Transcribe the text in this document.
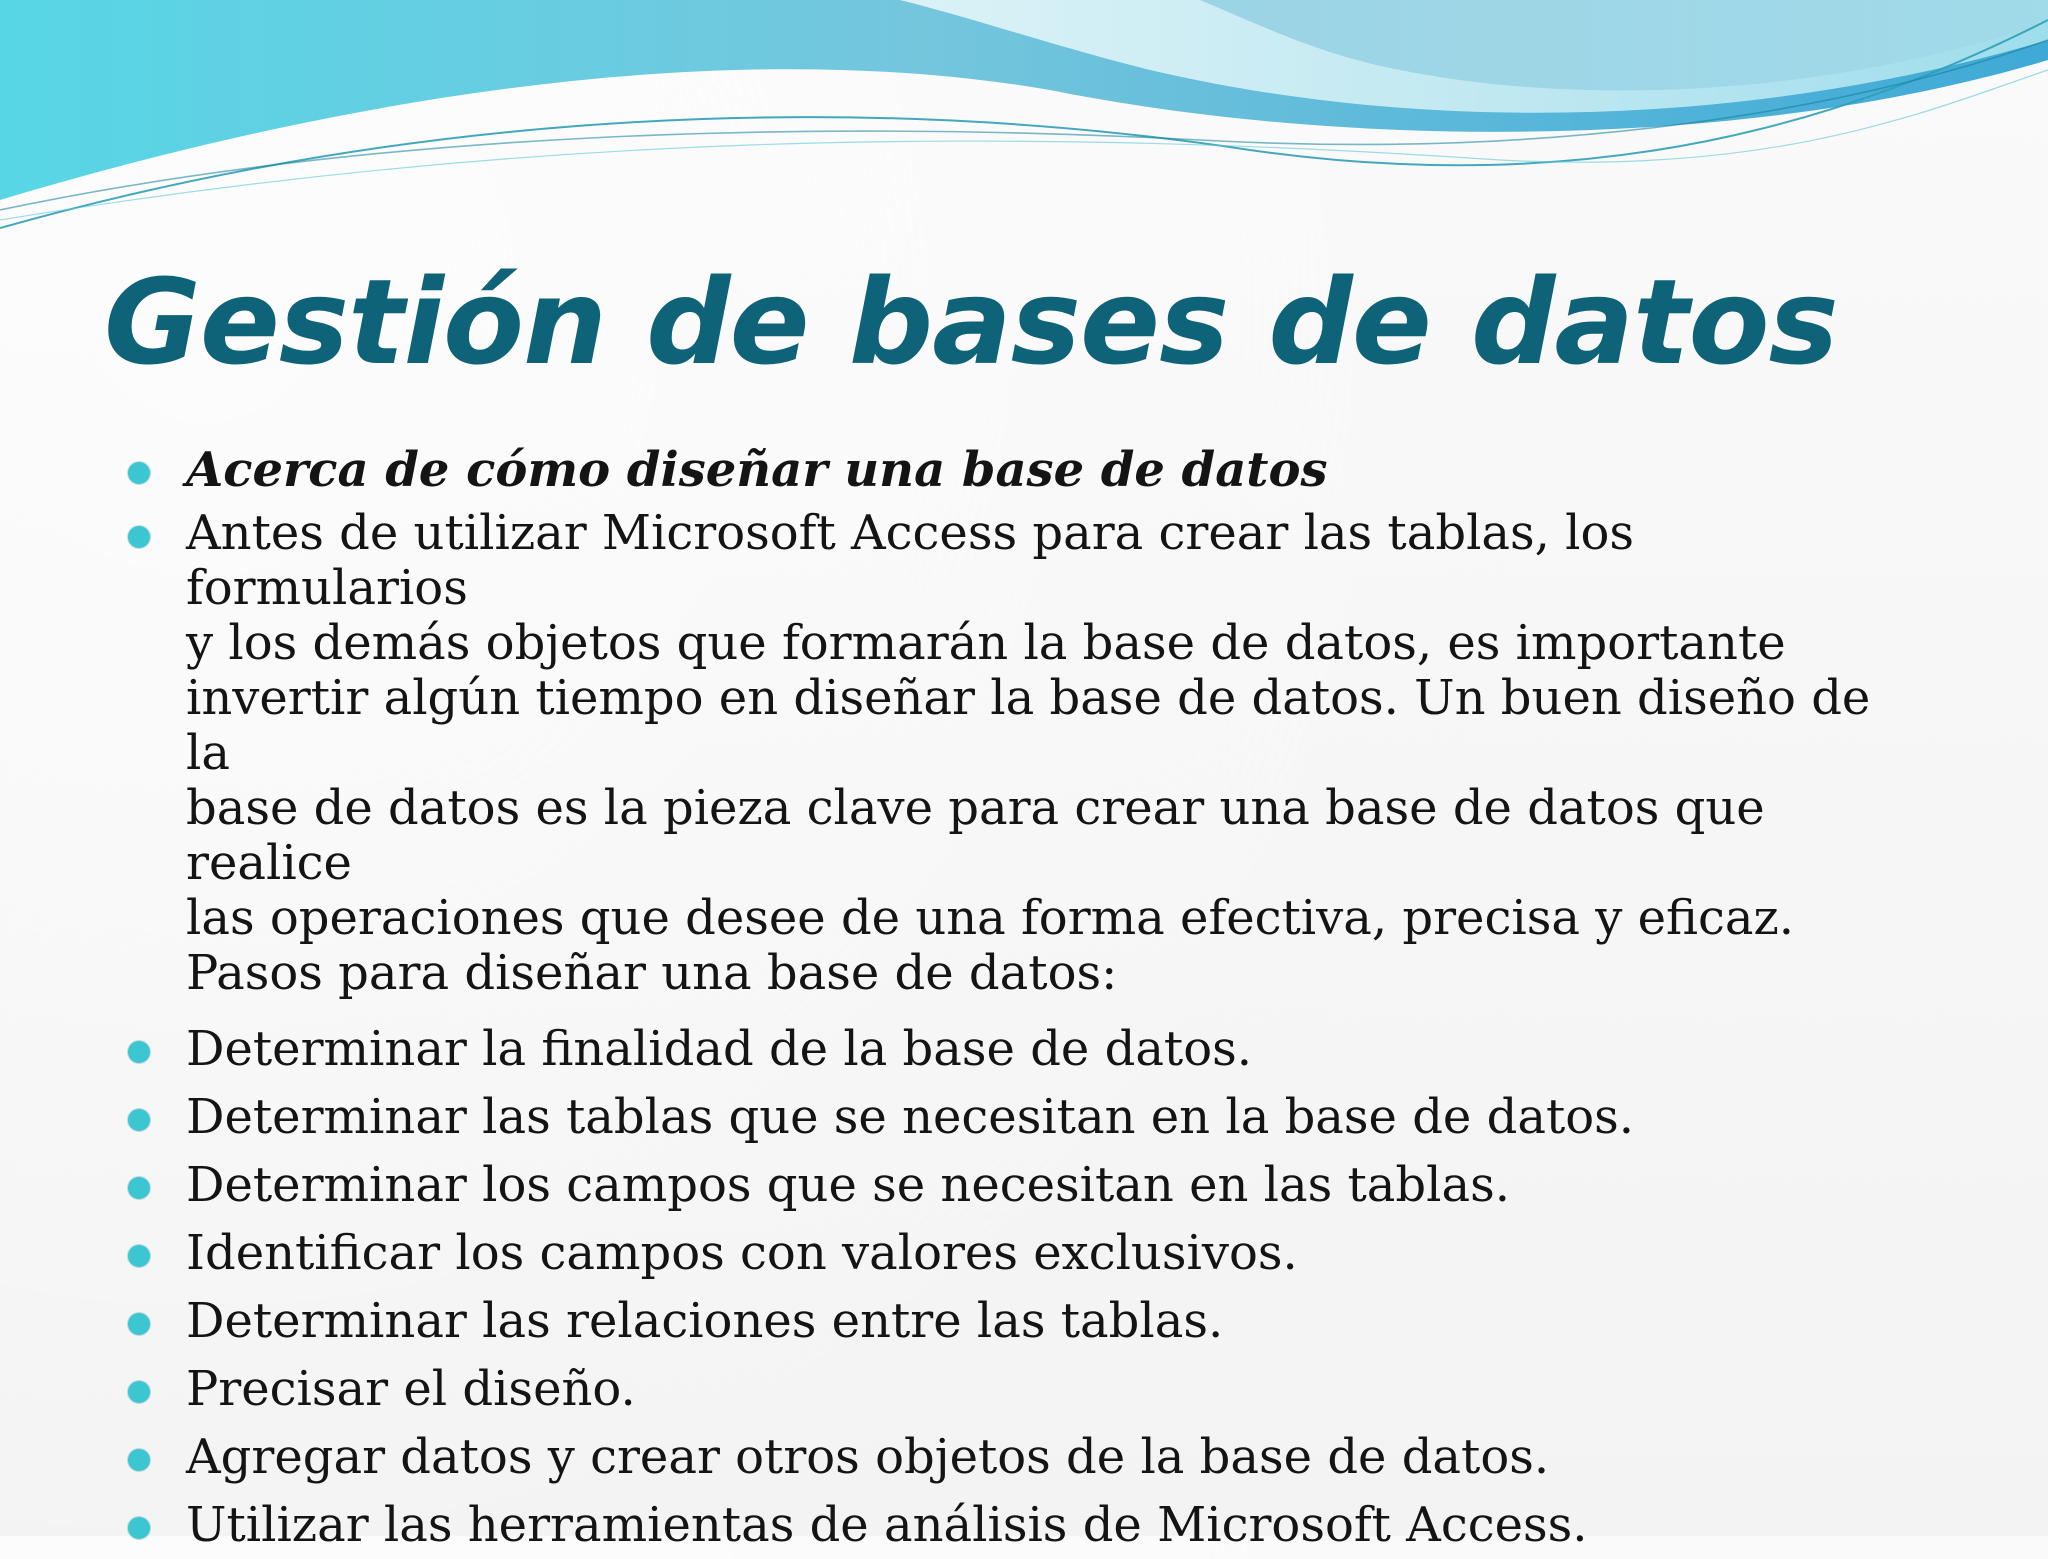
Gestión de bases de datos

Acerca de cómo diseñar una base de datos

Antes de utilizar Microsoft Access para crear las tablas, los formularios
y los demás objetos que formarán la base de datos, es importante
invertir algún tiempo en diseñar la base de datos. Un buen diseño de la
base de datos es la pieza clave para crear una base de datos que realice
las operaciones que desee de una forma efectiva, precisa y eficaz.
Pasos para diseñar una base de datos:

Determinar la finalidad de la base de datos.

Determinar las tablas que se necesitan en la base de datos.

Determinar los campos que se necesitan en las tablas.

Identificar los campos con valores exclusivos.

Determinar las relaciones entre las tablas.

Precisar el diseño.

Agregar datos y crear otros objetos de la base de datos.

Utilizar las herramientas de análisis de Microsoft Access.
